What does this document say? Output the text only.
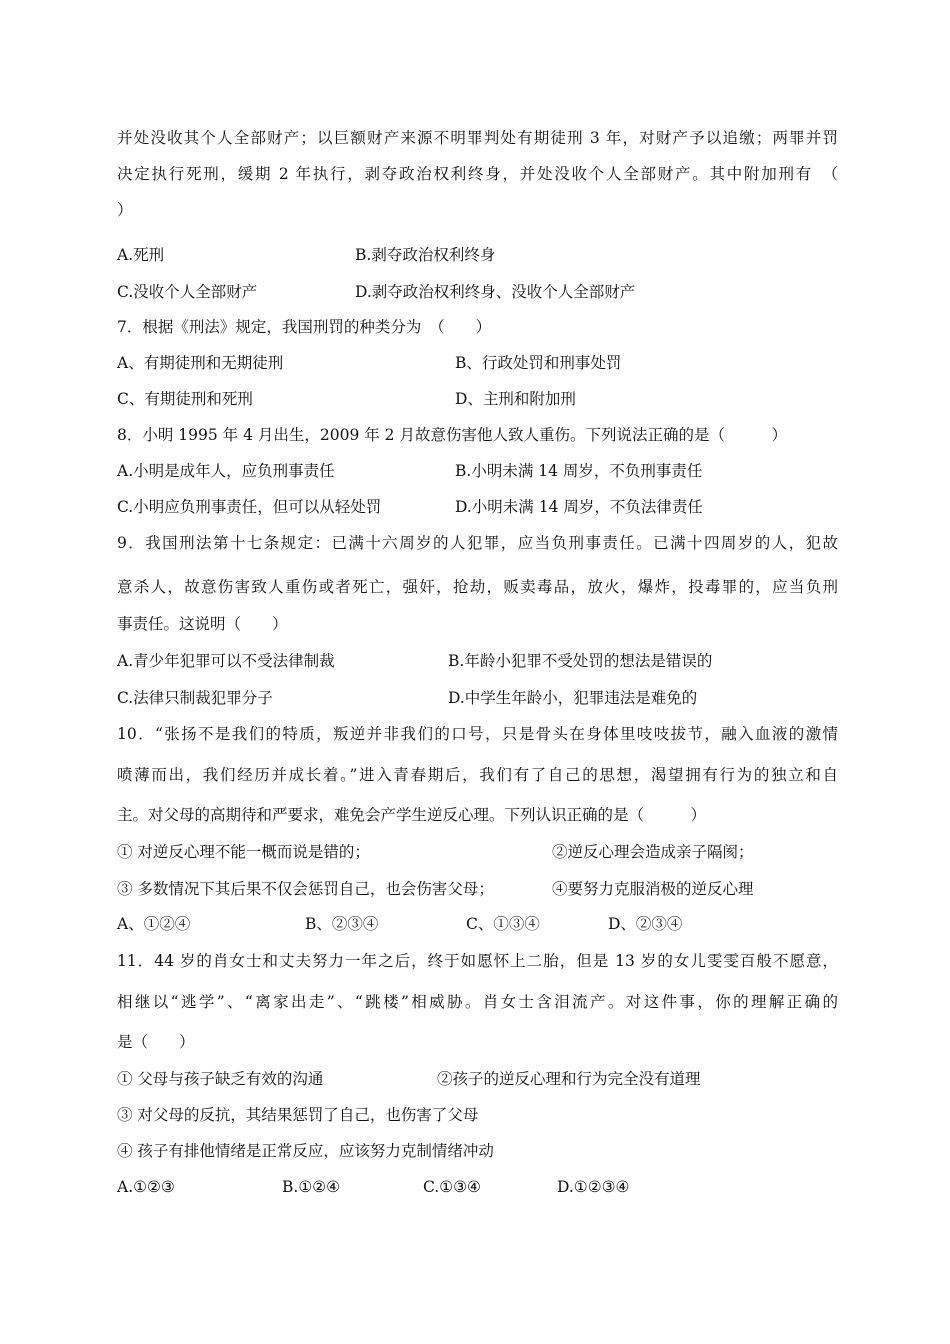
并处没收其个人全部财产；以巨额财产来源不明罪判处有期徒刑 3 年，对财产予以追缴；两罪并罚
决定执行死刑，缓期 2 年执行，剥夺政治权利终身，并处没收个人全部财产。其中附加刑有　（
）
A.死刑	B.剥夺政治权利终身
C.没收个人全部财产	D.剥夺政治权利终身、没收个人全部财产
7．根据《刑法》规定，我国刑罚的种类分为　（　　）
A、有期徒刑和无期徒刑	B、行政处罚和刑事处罚
C、有期徒刑和死刑	D、主刑和附加刑
8．小明 1995 年 4 月出生，2009 年 2 月故意伤害他人致人重伤。下列说法正确的是（　　　）
A.小明是成年人，应负刑事责任	B.小明未满 14 周岁，不负刑事责任
C.小明应负刑事责任，但可以从轻处罚	D.小明未满 14 周岁，不负法律责任
9．我国刑法第十七条规定：已满十六周岁的人犯罪，应当负刑事责任。已满十四周岁的人，犯故
意杀人，故意伤害致人重伤或者死亡，强奸，抢劫，贩卖毒品，放火，爆炸，投毒罪的，应当负刑
事责任。这说明（　　）
A.青少年犯罪可以不受法律制裁	B.年龄小犯罪不受处罚的想法是错误的
C.法律只制裁犯罪分子	D.中学生年龄小，犯罪违法是难免的
10．“张扬不是我们的特质，叛逆并非我们的口号，只是骨头在身体里吱吱拔节，融入血液的激情
喷薄而出，我们经历并成长着。”进入青春期后，我们有了自己的思想，渴望拥有行为的独立和自
主。对父母的高期待和严要求，难免会产学生逆反心理。下列认识正确的是（　　　）
① 对逆反心理不能一概而说是错的；	②逆反心理会造成亲子隔阂；
③ 多数情况下其后果不仅会惩罚自己，也会伤害父母；	④要努力克服消极的逆反心理
A、①②④	B、②③④	C、①③④	D、②③④
11．44 岁的肖女士和丈夫努力一年之后，终于如愿怀上二胎，但是 13 岁的女儿雯雯百般不愿意，
相继以“逃学”、“离家出走”、“跳楼”相威胁。肖女士含泪流产。对这件事，你的理解正确的
是（　　）
① 父母与孩子缺乏有效的沟通	②孩子的逆反心理和行为完全没有道理
③ 对父母的反抗，其结果惩罚了自己，也伤害了父母
④ 孩子有排他情绪是正常反应，应该努力克制情绪冲动
A.①②③	B.①②④	C.①③④	D.①②③④
